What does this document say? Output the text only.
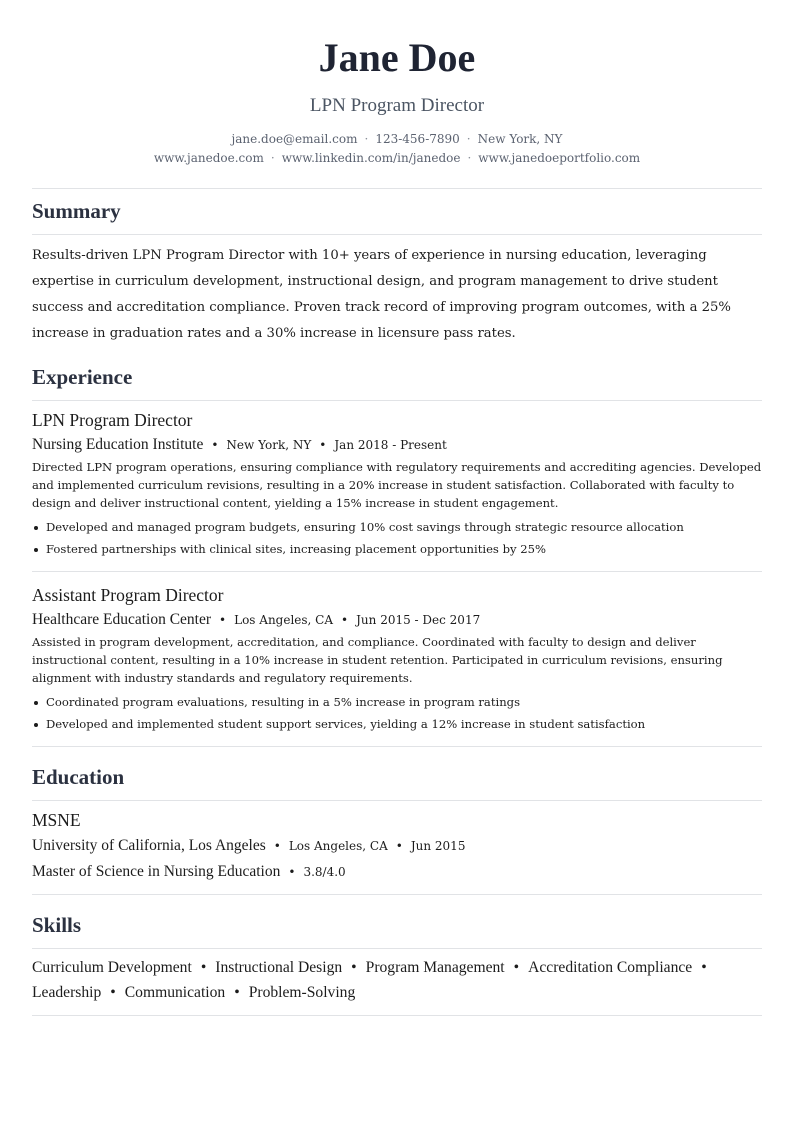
Jane Doe
LPN Program Director
jane.doe@email.com · 123-456-7890 · New York, NY
www.janedoe.com · www.linkedin.com/in/janedoe · www.janedoeportfolio.com
Summary
Results-driven LPN Program Director with 10+ years of experience in nursing education, leveraging expertise in curriculum development, instructional design, and program management to drive student success and accreditation compliance. Proven track record of improving program outcomes, with a 25% increase in graduation rates and a 30% increase in licensure pass rates.
Experience
LPN Program Director
Nursing Education Institute • New York, NY • Jan 2018 - Present
Directed LPN program operations, ensuring compliance with regulatory requirements and accrediting agencies. Developed and implemented curriculum revisions, resulting in a 20% increase in student satisfaction. Collaborated with faculty to design and deliver instructional content, yielding a 15% increase in student engagement.
Developed and managed program budgets, ensuring 10% cost savings through strategic resource allocation
Fostered partnerships with clinical sites, increasing placement opportunities by 25%
Assistant Program Director
Healthcare Education Center • Los Angeles, CA • Jun 2015 - Dec 2017
Assisted in program development, accreditation, and compliance. Coordinated with faculty to design and deliver instructional content, resulting in a 10% increase in student retention. Participated in curriculum revisions, ensuring alignment with industry standards and regulatory requirements.
Coordinated program evaluations, resulting in a 5% increase in program ratings
Developed and implemented student support services, yielding a 12% increase in student satisfaction
Education
MSNE
University of California, Los Angeles • Los Angeles, CA • Jun 2015
Master of Science in Nursing Education • 3.8/4.0
Skills
Curriculum Development • Instructional Design • Program Management • Accreditation Compliance •
Leadership • Communication • Problem-Solving
